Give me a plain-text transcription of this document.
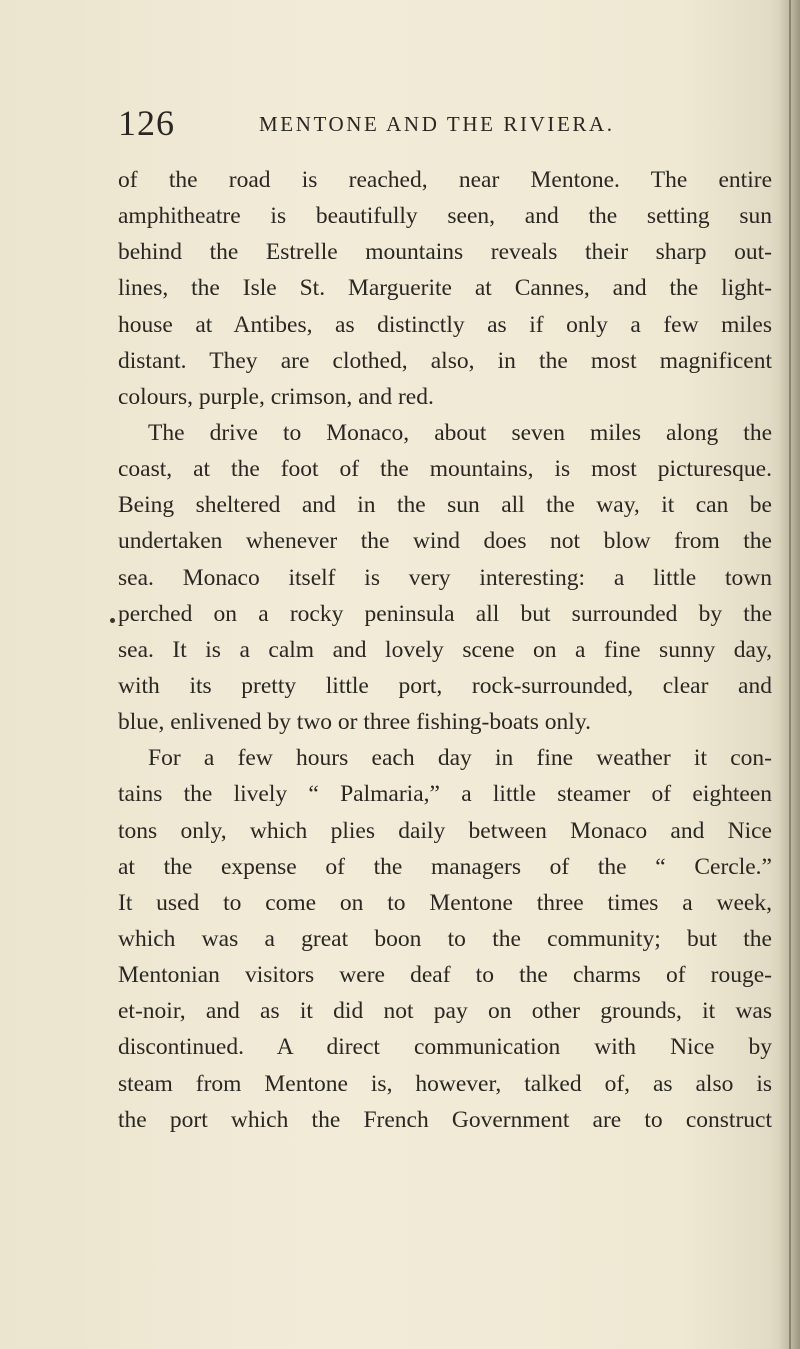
126	MENTONE AND THE RIVIERA.
of the road is reached, near Mentone. The entire
amphitheatre is beautifully seen, and the setting sun
behind the Estrelle mountains reveals their sharp out-
lines, the Isle St. Marguerite at Cannes, and the light-
house at Antibes, as distinctly as if only a few miles
distant. They are clothed, also, in the most magnificent
colours, purple, crimson, and red.
The drive to Monaco, about seven miles along the
coast, at the foot of the mountains, is most picturesque.
Being sheltered and in the sun all the way, it can be
undertaken whenever the wind does not blow from the
sea. Monaco itself is very interesting: a little town
perched on a rocky peninsula all but surrounded by the
sea. It is a calm and lovely scene on a fine sunny day,
with its pretty little port, rock-surrounded, clear and
blue, enlivened by two or three fishing-boats only.
For a few hours each day in fine weather it con-
tains the lively “ Palmaria,” a little steamer of eighteen
tons only, which plies daily between Monaco and Nice
at the expense of the managers of the “ Cercle.”
It used to come on to Mentone three times a week,
which was a great boon to the community; but the
Mentonian visitors were deaf to the charms of rouge-
et-noir, and as it did not pay on other grounds, it was
discontinued. A direct communication with Nice by
steam from Mentone is, however, talked of, as also is
the port which the French Government are to construct
